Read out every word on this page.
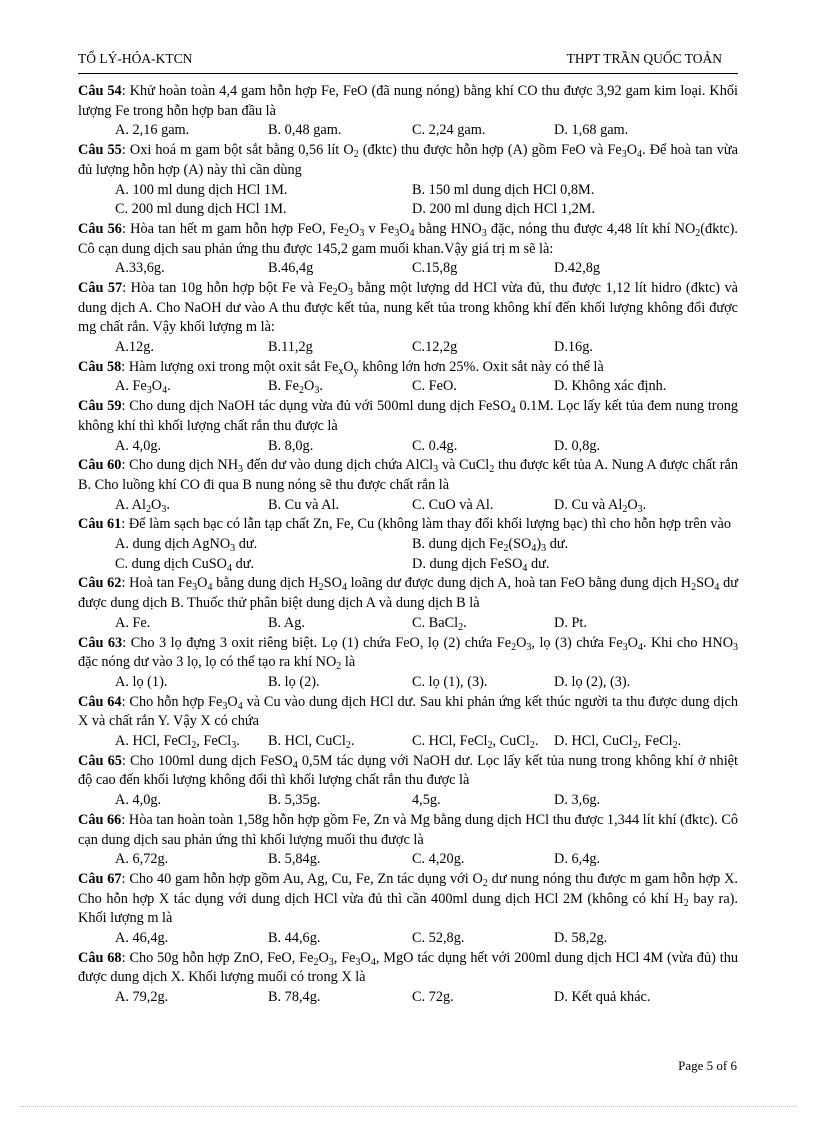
TỔ LÝ-HÓA-KTCN	THPT TRẦN QUỐC TOẢN
Câu 54: Khử hoàn toàn 4,4 gam hỗn hợp Fe, FeO (đã nung nóng) bằng khí CO thu được 3,92 gam kim loại. Khối lượng Fe trong hỗn hợp ban đầu là
A. 2,16 gam.	B. 0,48 gam.	C. 2,24 gam.	D. 1,68 gam.
Câu 55: Oxi hoá m gam bột sắt bằng 0,56 lít $O_2$ (đktc) thu được hỗn hợp (A) gồm FeO và $Fe_3O_4$. Để hoà tan vừa đủ lượng hỗn hợp (A) này thì cần dùng
A. 100 ml dung dịch HCl 1M.	B. 150 ml dung dịch HCl 0,8M.
C. 200 ml dung dịch HCl 1M.	D. 200 ml dung dịch HCl 1,2M.
Câu 56: Hòa tan hết m gam hỗn hợp FeO, $Fe_2O_3$ v $Fe_3O_4$ bằng $HNO_3$ đặc, nóng thu được 4,48 lít khí $NO_2(đktc)$. Cô cạn dung dịch sau phản ứng thu được 145,2 gam muối khan.Vậy giá trị m sẽ là:
A.33,6g.	B.46,4g	C.15,8g	D.42,8g
Câu 57: Hòa tan 10g hỗn hợp bột Fe và $Fe_2O_3$ bằng một lượng dd HCl vừa đủ, thu được 1,12 lít hidro (đktc) và dung dịch A. Cho NaOH dư vào A thu được kết tủa, nung kết tủa trong không khí đến khối lượng không đổi được mg chất rắn. Vậy khối lượng m là:
A.12g.	B.11,2g	C.12,2g	D.16g.
Câu 58: Hàm lượng oxi trong một oxit sắt $Fe_xO_y$ không lớn hơn 25%. Oxit sắt này có thể là
A. $Fe_3O_4$.	B. $Fe_2O_3$.	C. FeO.	D. Không xác định.
Câu 59: Cho dung dịch NaOH tác dụng vừa đủ với 500ml dung dịch FeSO$_4$ 0.1M. Lọc lấy kết tủa đem nung trong không khí thì khối lượng chất rắn thu được là
A. 4,0g.	B. 8,0g.	C. 0.4g.	D. 0,8g.
Câu 60: Cho dung dịch $NH_3$ đến dư vào dung dịch chứa AlCl$_3$ và CuCl$_2$ thu được kết tủa A. Nung A được chất rắn B. Cho luồng khí CO đi qua B nung nóng sẽ thu được chất rắn là
A. $Al_2O_3$.	B. Cu và Al.	C. CuO và Al.	D. Cu và $Al_2O_3$.
Câu 61: Để làm sạch bạc có lẫn tạp chất Zn, Fe, Cu (không làm thay đổi khối lượng bạc) thì cho hỗn hợp trên vào
A. dung dịch AgNO$_3$ dư.	B. dung dịch $Fe_2(SO_4)_3$ dư.
C. dung dịch CuSO$_4$ dư.	D. dung dịch FeSO$_4$ dư.
Câu 62: Hoà $\tan Fe_3O_4$ bằng dung dịch $H_2SO_4$ loãng dư được dung dịch A, hoà tan FeO bằng dung dịch $H_2SO_4$ dư được dung dịch B. Thuốc thử phân biệt dung dịch A và dung dịch B là
A. Fe.	B. Ag.	C. BaCl$_2$.	D. Pt.
Câu 63: Cho 3 lọ đựng 3 oxit riêng biệt. Lọ (1) chứa FeO, lọ (2) chứa $Fe_2O_3$, lọ (3) chứa $Fe_3O_4$. Khi cho $HNO_3$ đặc nóng dư vào 3 lọ, lọ có thể tạo ra khí $NO_2$ là
A. lọ (1).	B. lọ (2).	C. lọ (1), (3).	D. lọ (2), (3).
Câu 64: Cho hỗn hợp $Fe_3O_4$ và Cu vào dung dịch HCl dư. Sau khi phản ứng kết thúc người ta thu được dung dịch X và chất rắn Y. Vậy X có chứa
A. HCl, FeCl$_2$, FeCl$_3$. B. HCl, CuCl$_2$.	C. HCl, FeCl$_2$, CuCl$_2$. D. HCl, CuCl$_2$, FeCl$_2$.
Câu 65: Cho 100ml dung dịch FeSO$_4$ 0,5M tác dụng với NaOH dư. Lọc lấy kết tủa nung trong không khí ở nhiệt độ cao đến khối lượng không đổi thì khối lượng chất rắn thu được là
A. 4,0g.	B. 5,35g.	4,5g.	D. 3,6g.
Câu 66: Hòa tan hoàn toàn 1,58g hỗn hợp gồm Fe, Zn và Mg bằng dung dịch HCl thu được 1,344 lít khí (đktc). Cô cạn dung dịch sau phản ứng thì khối lượng muối thu được là
A. 6,72g.	B. 5,84g.	C. 4,20g.	D. 6,4g.
Câu 67: Cho 40 gam hỗn hợp gồm Au, Ag, Cu, Fe, Zn tác dụng với $O_2$ dư nung nóng thu được m gam hỗn hợp X. Cho hỗn hợp X tác dụng với dung dịch HCl vừa đủ thì cần 400ml dung dịch HCl 2M (không có khí $H_2$ bay ra). Khối lượng m là
A. 46,4g.	B. 44,6g.	C. 52,8g.	D. 58,2g.
Câu 68: Cho 50g hỗn hợp ZnO, FeO, $Fe_2O_3$, $Fe_3O_4$, MgO tác dụng hết với 200ml dung dịch HCl 4M (vừa đủ) thu được dung dịch X. Khối lượng muối có trong X là
A. 79,2g.	B. 78,4g.	C. 72g.	D. Kết quả khác.
Page 5 of 6
